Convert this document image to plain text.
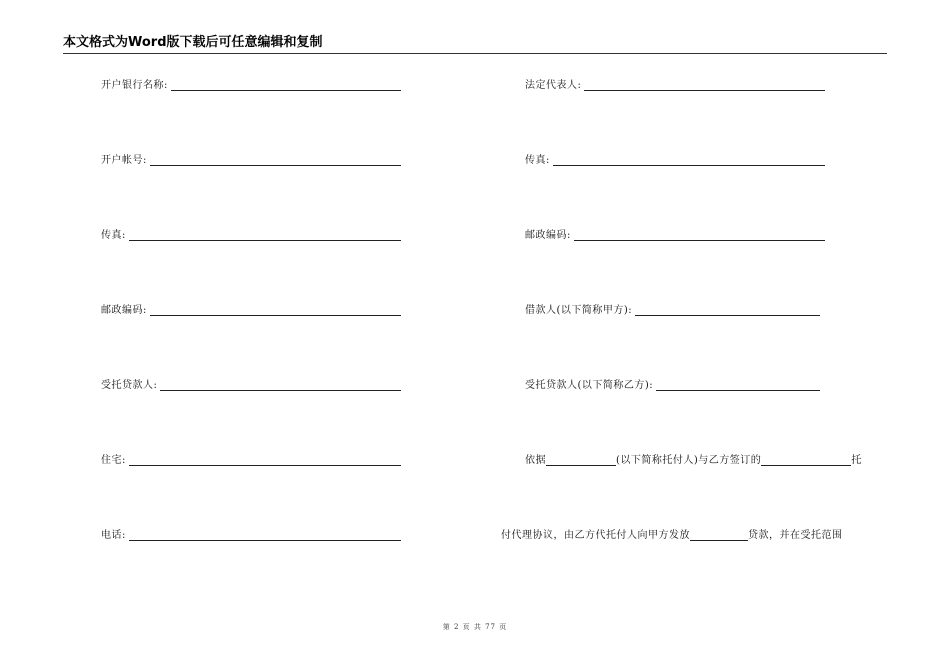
本文格式为Word版下载后可任意编辑和复制
开户银行名称:
开户帐号:
传真:
邮政编码:
受托贷款人:
住宅:
电话:
法定代表人:
传真:
邮政编码:
借款人(以下简称甲方):
受托贷款人(以下简称乙方):
依据	(以下简称托付人)与乙方签订的	托
付代理协议，由乙方代托付人向甲方发放	贷款，并在受托范围
第 2 页 共 77 页
